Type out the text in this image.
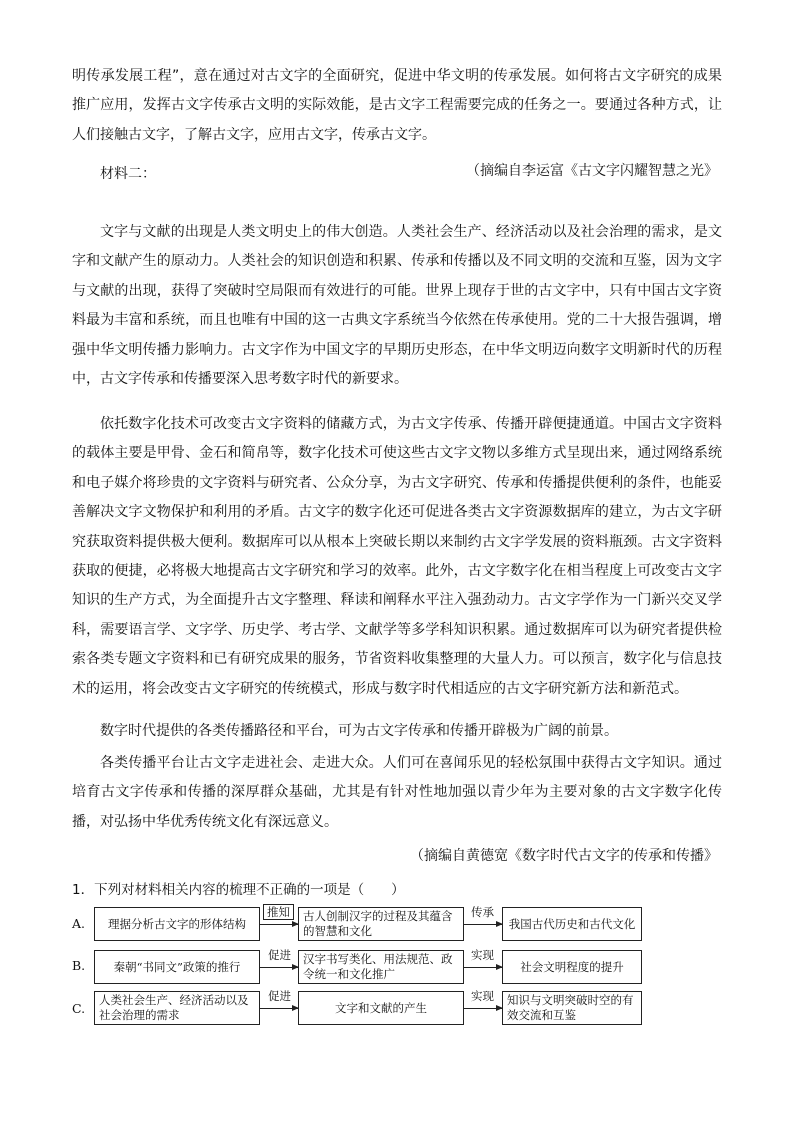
明传承发展工程”，意在通过对古文字的全面研究，促进中华文明的传承发展。如何将古文字研究的成果推广应用，发挥古文字传承古文明的实际效能，是古文字工程需要完成的任务之一。要通过各种方式，让人们接触古文字，了解古文字，应用古文字，传承古文字。

（摘编自李运富《古文字闪耀智慧之光》

材料二：

文字与文献的出现是人类文明史上的伟大创造。人类社会生产、经济活动以及社会治理的需求，是文字和文献产生的原动力。人类社会的知识创造和积累、传承和传播以及不同文明的交流和互鉴，因为文字与文献的出现，获得了突破时空局限而有效进行的可能。世界上现存于世的古文字中，只有中国古文字资料最为丰富和系统，而且也唯有中国的这一古典文字系统当今依然在传承使用。党的二十大报告强调，增强中华文明传播力影响力。古文字作为中国文字的早期历史形态，在中华文明迈向数字文明新时代的历程中，古文字传承和传播要深入思考数字时代的新要求。

依托数字化技术可改变古文字资料的储藏方式，为古文字传承、传播开辟便捷通道。中国古文字资料的载体主要是甲骨、金石和简帛等，数字化技术可使这些古文字文物以多维方式呈现出来，通过网络系统和电子媒介将珍贵的文字资料与研究者、公众分享，为古文字研究、传承和传播提供便利的条件，也能妥善解决文字文物保护和利用的矛盾。古文字的数字化还可促进各类古文字资源数据库的建立，为古文字研究获取资料提供极大便利。数据库可以从根本上突破长期以来制约古文字学发展的资料瓶颈。古文字资料获取的便捷，必将极大地提高古文字研究和学习的效率。此外，古文字数字化在相当程度上可改变古文字知识的生产方式，为全面提升古文字整理、释读和阐释水平注入强劲动力。古文字学作为一门新兴交叉学科，需要语言学、文字学、历史学、考古学、文献学等多学科知识积累。通过数据库可以为研究者提供检索各类专题文字资料和已有研究成果的服务，节省资料收集整理的大量人力。可以预言，数字化与信息技术的运用，将会改变古文字研究的传统模式，形成与数字时代相适应的古文字研究新方法和新范式。

数字时代提供的各类传播路径和平台，可为古文字传承和传播开辟极为广阔的前景。

各类传播平台让古文字走进社会、走进大众。人们可在喜闻乐见的轻松氛围中获得古文字知识。通过培育古文字传承和传播的深厚群众基础，尤其是有针对性地加强以青少年为主要对象的古文字数字化传播，对弘扬中华优秀传统文化有深远意义。

（摘编自黄德宽《数字时代古文字的传承和传播》

1．下列对材料相关内容的梳理不正确的一项是（　　）

A.	理据分析古文字的形体结构
推知	古人创制汉字的过程及其蕴含的智慧和文化
传承
我国古代历史和古代文化
B.	秦朝“书同文”政策的推行
促进	汉字书写类化、用法规范、政令统一和文化推广
实现
社会文明程度的提升
C.
人类社会生产、经济活动以及社会治理的需求
促进
文字和文献的产生
实现	知识与文明突破时空的有效交流和互鉴
